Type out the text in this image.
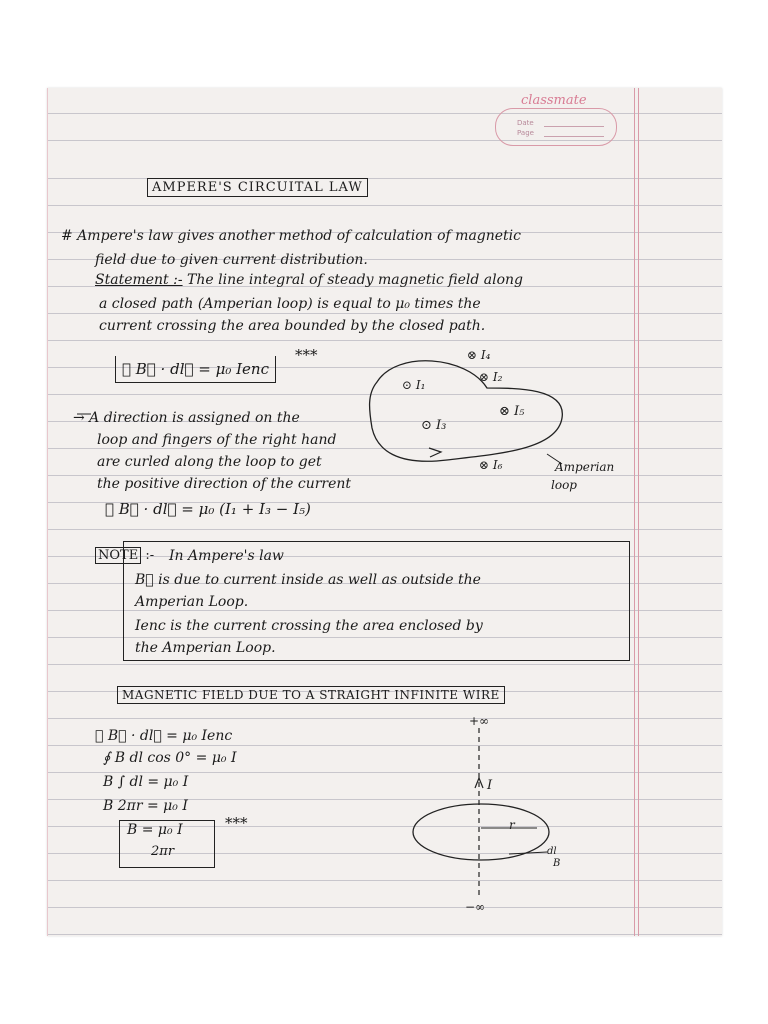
classmate
Date
Page
AMPERE'S CIRCUITAL LAW
# Ampere's law gives another method of calculation of magnetic
field due to given current distribution.
Statement :- The line integral of steady magnetic field along
a closed path (Amperian loop) is equal to μ₀ times the
current crossing the area bounded by the closed path.
∮ B⃗ · dl⃗ = μ₀ Ienc
***
→ A direction is assigned on the
loop and fingers of the right hand
are curled along the loop to get
the positive direction of the current
∮ B⃗ · dl⃗ = μ₀ (I₁ + I₃ − I₅)
⊙ I₁
⊗ I₄
⊗ I₂
⊗ I₅
⊙ I₃
⊗ I₆	Amperian
loop
NOTE :- In Ampere's law
B⃗ is due to current inside as well as outside the
Amperian Loop.
Ienc is the current crossing the area enclosed by
the Amperian Loop.
MAGNETIC FIELD DUE TO A STRAIGHT INFINITE WIRE
∮ B⃗ · dl⃗ = μ₀ Ienc
∮ B dl cos 0° = μ₀ I
B ∫ dl = μ₀ I
B 2πr = μ₀ I
B = μ₀ I
2πr
***
+∞
I
r
dl
B
−∞
